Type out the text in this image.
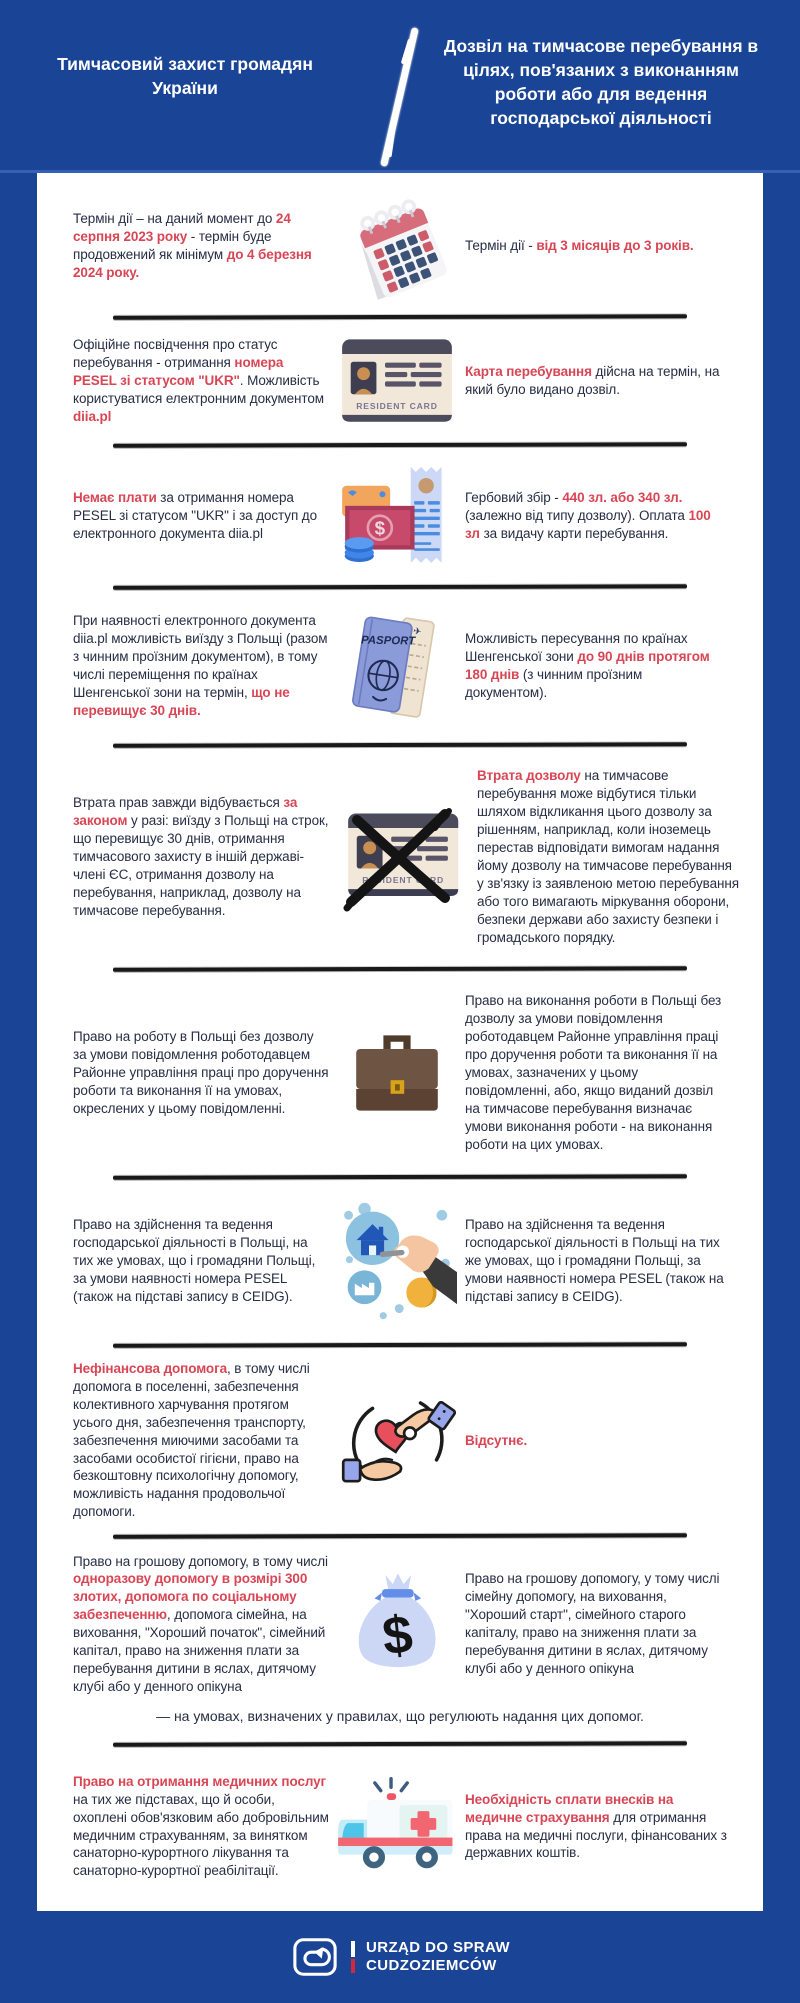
Тимчасовий захист громадян України
Дозвіл на тимчасове перебування в цілях, пов'язаних з виконанням роботи або для ведення господарської діяльності
Термін дії – на даний момент до 24 серпня 2023 року - термін буде продовжений як мінімум до 4 березня 2024 року.
Термін дії - від 3 місяців до 3 років.
Офіційне посвідчення про статус перебування - отримання номера PESEL зі статусом "UKR". Можливість користуватися електронним документом diia.pl
RESIDENT CARD
Карта перебування дійсна на термін, на який було видано дозвіл.
Немає плати за отримання номера PESEL зі статусом "UKR" і за доступ до електронного документа diia.pl	$
Гербовий збір - 440 зл. або 340 зл. (залежно від типу дозволу). Оплата 100 зл за видачу карти перебування.
При наявності електронного документа diia.pl можливість виїзду з Польщі (разом з чинним проїзним документом), в тому числі переміщення по країнах Шенгенської зони на термін, що не перевищує 30 днів.
✈
PASPORT	Можливість пересування по країнах Шенгенської зони до 90 днів протягом 180 днів (з чинним проїзним документом).
Втрата прав завжди відбувається за законом у разі: виїзду з Польщі на строк, що перевищує 30 днів, отримання тимчасового захисту в іншій державі-члені ЄС, отримання дозволу на перебування, наприклад, дозволу на тимчасове перебування.
RESIDENT CARD
Втрата дозволу на тимчасове перебування може відбутися тільки шляхом відкликання цього дозволу за рішенням, наприклад, коли іноземець перестав відповідати вимогам надання йому дозволу на тимчасове перебування у зв'язку із заявленою метою перебування або того вимагають міркування оборони, безпеки держави або захисту безпеки і громадського порядку.
Право на роботу в Польщі без дозволу за умови повідомлення роботодавцем Районне управління праці про доручення роботи та виконання її на умовах, окреслених у цьому повідомленні.
Право на виконання роботи в Польщі без дозволу за умови повідомлення роботодавцем Районне управління праці про доручення роботи та виконання її на умовах, зазначених у цьому повідомленні, або, якщо виданий дозвіл на тимчасове перебування визначає умови виконання роботи - на виконання роботи на цих умовах.
Право на здійснення та ведення господарської діяльності в Польщі, на тих же умовах, що і громадяни Польщі, за умови наявності номера PESEL (також на підставі запису в CEIDG).
Право на здійснення та ведення господарської діяльності в Польщі на тих же умовах, що і громадяни Польщі, за умови наявності номера PESEL (також на підставі запису в CEIDG).
Нефінансова допомога, в тому числі допомога в поселенні, забезпечення колективного харчування протягом усього дня, забезпечення транспорту, забезпечення миючими засобами та засобами особистої гігієни, право на безкоштовну психологічну допомогу, можливість надання продовольчої допомоги.
Відсутнє.
Право на грошову допомогу, в тому числі одноразову допомогу в розмірі 300 злотих, допомога по соціальному забезпеченню, допомога сімейна, на виховання, "Хороший початок", сімейний капітал, право на зниження плати за перебування дитини в яслах, дитячому клубі або у денного опікуна
$
Право на грошову допомогу, у тому числі сімейну допомогу, на виховання, "Хороший старт", сімейного старого капіталу, право на зниження плати за перебування дитини в яслах, дитячому клубі або у денного опікуна

— на умовах, визначених у правилах, що регулюють надання цих допомог.

Право на отримання медичних послуг на тих же підставах, що й особи, охоплені обов'язковим або добровільним медичним страхуванням, за винятком санаторно-курортного лікування та санаторно-курортної реабілітації.
Необхідність сплати внесків на медичне страхування для отримання права на медичні послуги, фінансованих з державних коштів.
URZĄD DO SPRAW
CUDZOZIEMCÓW
